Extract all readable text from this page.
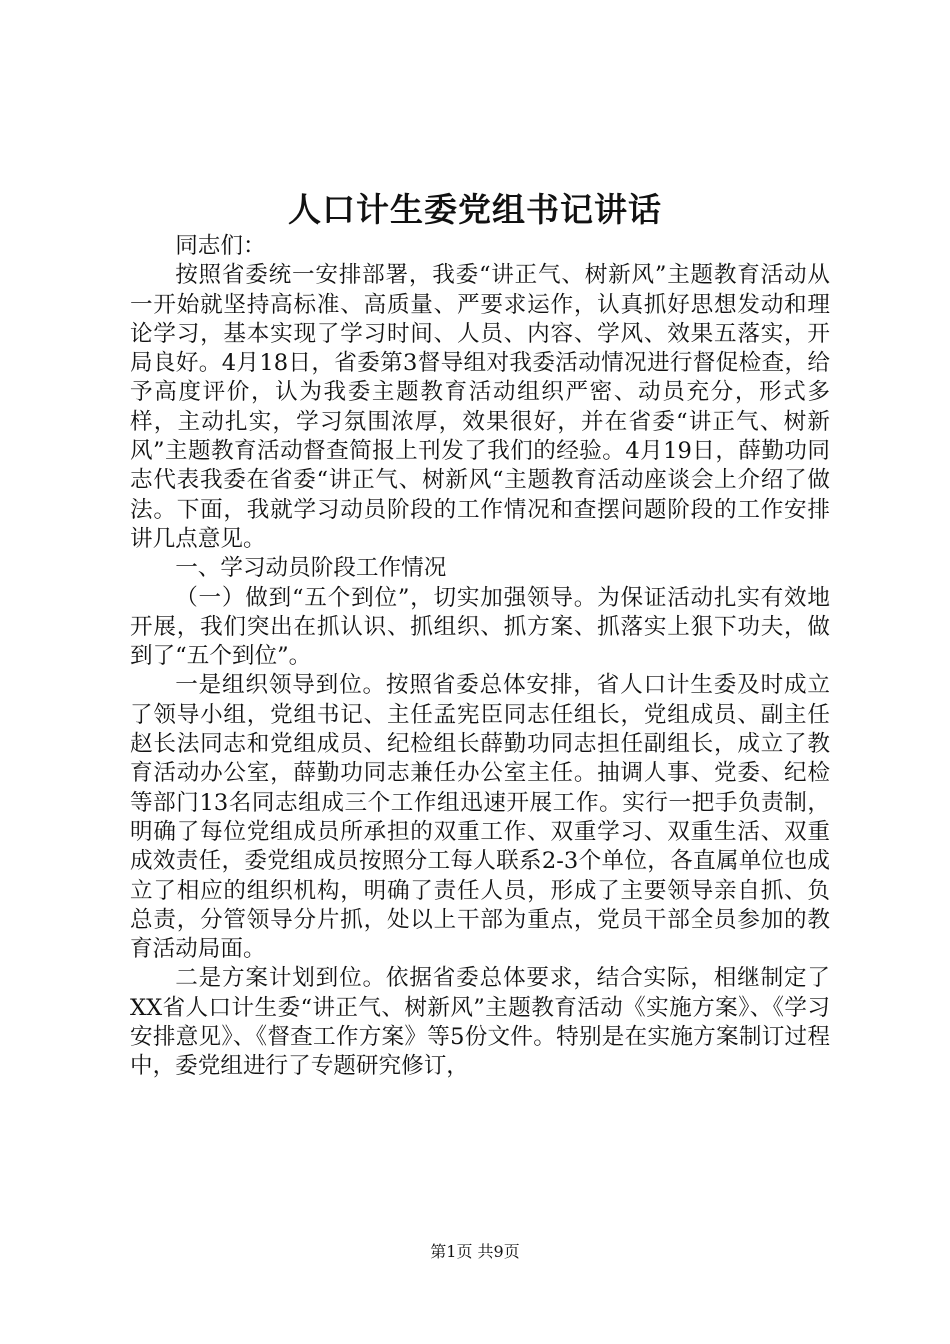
人口计生委党组书记讲话

同志们：

按照省委统一安排部署，我委“讲正气、树新风”主题教育活动从一开始就坚持高标准、高质量、严要求运作，认真抓好思想发动和理论学习，基本实现了学习时间、人员、内容、学风、效果五落实，开局良好。4月18日，省委第3督导组对我委活动情况进行督促检查，给予高度评价，认为我委主题教育活动组织严密、动员充分，形式多样，主动扎实，学习氛围浓厚，效果很好，并在省委“讲正气、树新风”主题教育活动督查简报上刊发了我们的经验。4月19日，薛勤功同志代表我委在省委“讲正气、树新风“主题教育活动座谈会上介绍了做法。下面，我就学习动员阶段的工作情况和查摆问题阶段的工作安排讲几点意见。

一、学习动员阶段工作情况

（一）做到“五个到位”，切实加强领导。为保证活动扎实有效地开展，我们突出在抓认识、抓组织、抓方案、抓落实上狠下功夫，做到了“五个到位”。

一是组织领导到位。按照省委总体安排，省人口计生委及时成立了领导小组，党组书记、主任孟宪臣同志任组长，党组成员、副主任赵长法同志和党组成员、纪检组长薛勤功同志担任副组长，成立了教育活动办公室，薛勤功同志兼任办公室主任。抽调人事、党委、纪检等部门13名同志组成三个工作组迅速开展工作。实行一把手负责制，明确了每位党组成员所承担的双重工作、双重学习、双重生活、双重成效责任，委党组成员按照分工每人联系2-3个单位，各直属单位也成立了相应的组织机构，明确了责任人员，形成了主要领导亲自抓、负总责，分管领导分片抓，处以上干部为重点，党员干部全员参加的教育活动局面。

二是方案计划到位。依据省委总体要求，结合实际，相继制定了XX省人口计生委“讲正气、树新风”主题教育活动《实施方案》、《学习安排意见》、《督查工作方案》等5份文件。特别是在实施方案制订过程中，委党组进行了专题研究修订，

第1页 共9页
